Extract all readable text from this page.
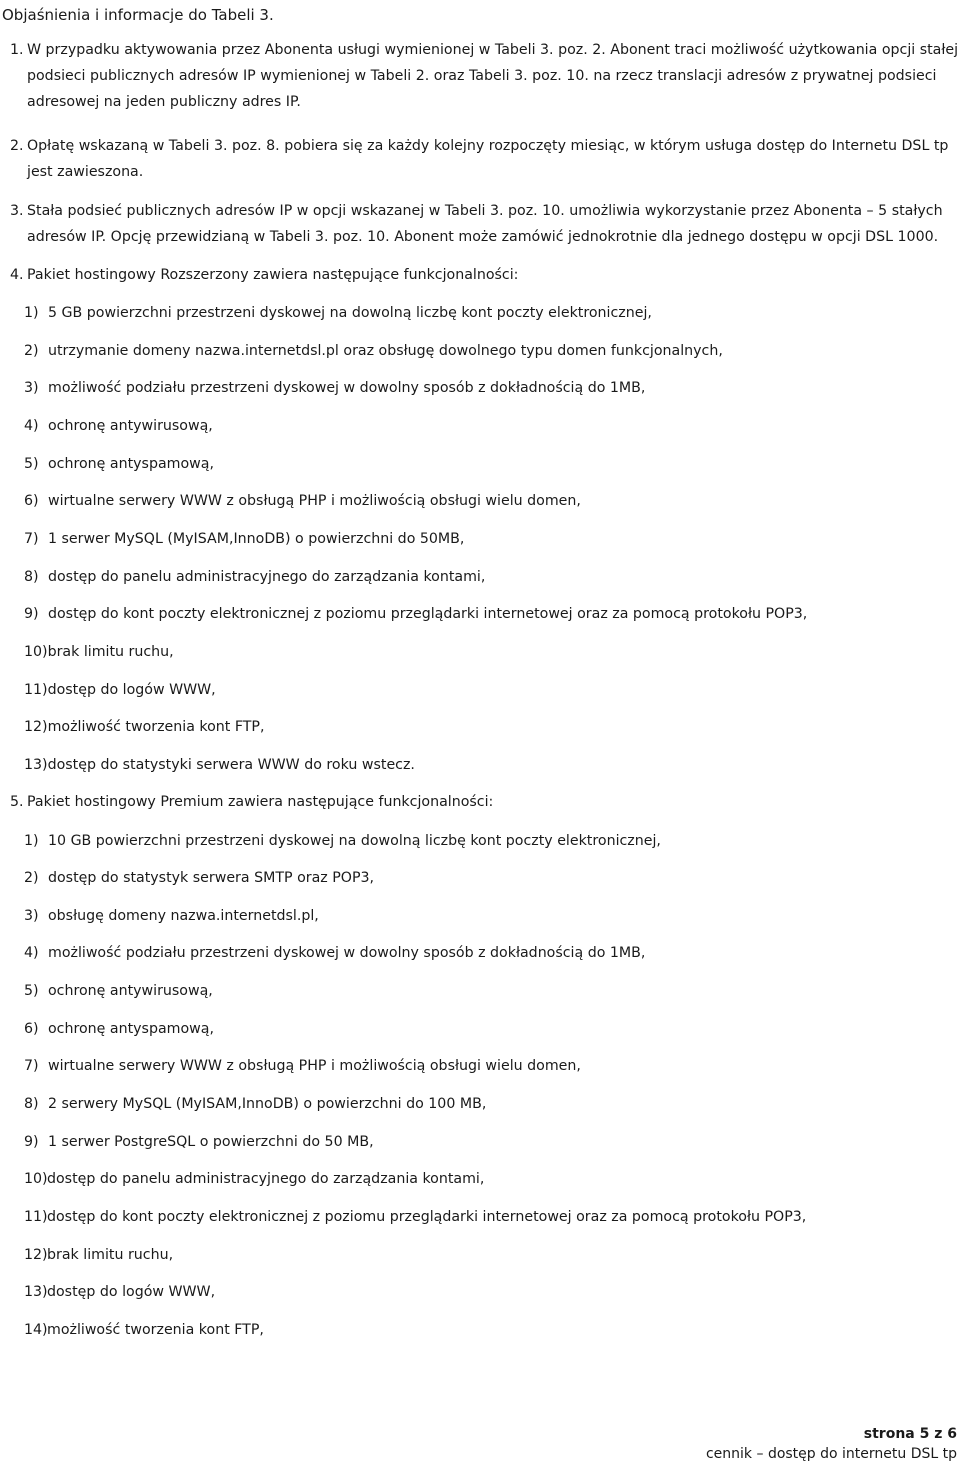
Objaśnienia i informacje do Tabeli 3.
1. W przypadku aktywowania przez Abonenta usługi wymienionej w Tabeli 3. poz. 2. Abonent traci możliwość użytkowania opcji stałej podsieci publicznych adresów IP wymienionej w Tabeli 2. oraz Tabeli 3. poz. 10. na rzecz translacji adresów z prywatnej podsieci adresowej na jeden publiczny adres IP.
2. Opłatę wskazaną w Tabeli 3. poz. 8. pobiera się za każdy kolejny rozpoczęty miesiąc, w którym usługa dostęp do Internetu DSL tp jest zawieszona.
3. Stała podsieć publicznych adresów IP w opcji wskazanej w Tabeli 3. poz. 10. umożliwia wykorzystanie przez Abonenta – 5 stałych adresów IP. Opcję przewidzianą w Tabeli 3. poz. 10. Abonent może zamówić jednokrotnie dla jednego dostępu w opcji DSL 1000.
4. Pakiet hostingowy Rozszerzony zawiera następujące funkcjonalności:
1) 5 GB powierzchni przestrzeni dyskowej na dowolną liczbę kont poczty elektronicznej,
2) utrzymanie domeny nazwa.internetdsl.pl oraz obsługę dowolnego typu domen funkcjonalnych,
3) możliwość podziału przestrzeni dyskowej w dowolny sposób z dokładnością do 1MB,
4) ochronę antywirusową,
5) ochronę antyspamową,
6) wirtualne serwery WWW z obsługą PHP i możliwością obsługi wielu domen,
7) 1 serwer MySQL (MyISAM,InnoDB) o powierzchni do 50MB,
8) dostęp do panelu administracyjnego do zarządzania kontami,
9) dostęp do kont poczty elektronicznej z poziomu przeglądarki internetowej oraz za pomocą protokołu POP3,
10)brak limitu ruchu,
11)dostęp do logów WWW,
12)możliwość tworzenia kont FTP,
13)dostęp do statystyki serwera WWW do roku wstecz.
5. Pakiet hostingowy Premium zawiera następujące funkcjonalności:
1) 10 GB powierzchni przestrzeni dyskowej na dowolną liczbę kont poczty elektronicznej,
2) dostęp do statystyk serwera SMTP oraz POP3,
3) obsługę domeny nazwa.internetdsl.pl,
4) możliwość podziału przestrzeni dyskowej w dowolny sposób z dokładnością do 1MB,
5) ochronę antywirusową,
6) ochronę antyspamową,
7) wirtualne serwery WWW z obsługą PHP i możliwością obsługi wielu domen,
8) 2 serwery MySQL (MyISAM,InnoDB) o powierzchni do 100 MB,
9) 1 serwer PostgreSQL o powierzchni do 50 MB,
10) dostęp do panelu administracyjnego do zarządzania kontami,
11) dostęp do kont poczty elektronicznej z poziomu przeglądarki internetowej oraz za pomocą protokołu POP3,
12) brak limitu ruchu,
13) dostęp do logów WWW,
14) możliwość tworzenia kont FTP,
strona 5 z 6
cennik – dostęp do internetu DSL tp
